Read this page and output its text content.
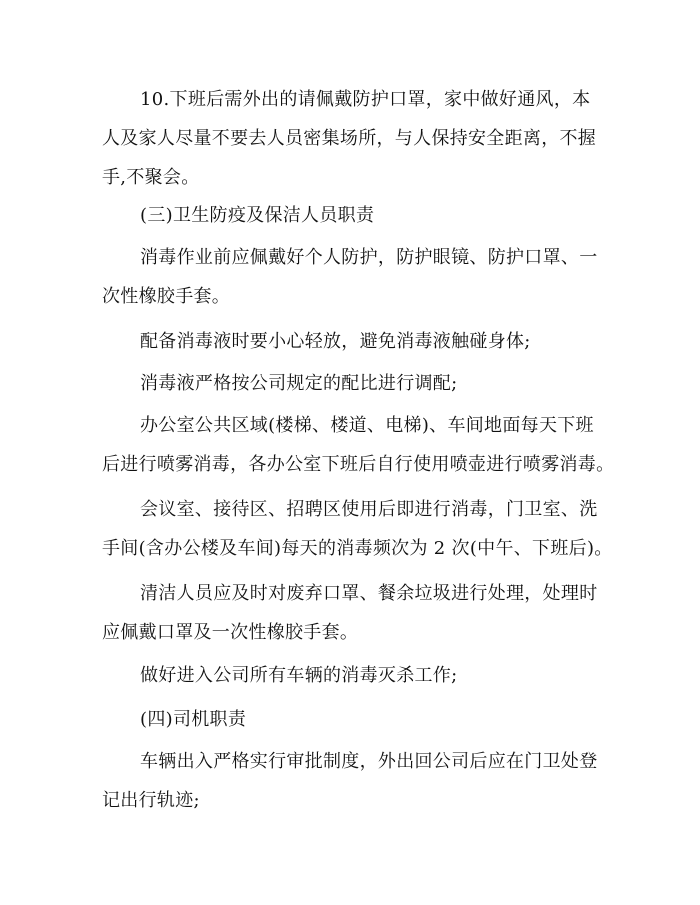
10.下班后需外出的请佩戴防护口罩，家中做好通风，本
人及家人尽量不要去人员密集场所，与人保持安全距离，不握
手,不聚会。

(三)卫生防疫及保洁人员职责

消毒作业前应佩戴好个人防护，防护眼镜、防护口罩、一
次性橡胶手套。

配备消毒液时要小心轻放，避免消毒液触碰身体;

消毒液严格按公司规定的配比进行调配;

办公室公共区域(楼梯、楼道、电梯)、车间地面每天下班
后进行喷雾消毒，各办公室下班后自行使用喷壶进行喷雾消毒。

会议室、接待区、招聘区使用后即进行消毒，门卫室、洗
手间(含办公楼及车间)每天的消毒频次为 2 次(中午、下班后)。

清洁人员应及时对废弃口罩、餐余垃圾进行处理，处理时
应佩戴口罩及一次性橡胶手套。

做好进入公司所有车辆的消毒灭杀工作;

(四)司机职责

车辆出入严格实行审批制度，外出回公司后应在门卫处登
记出行轨迹;
